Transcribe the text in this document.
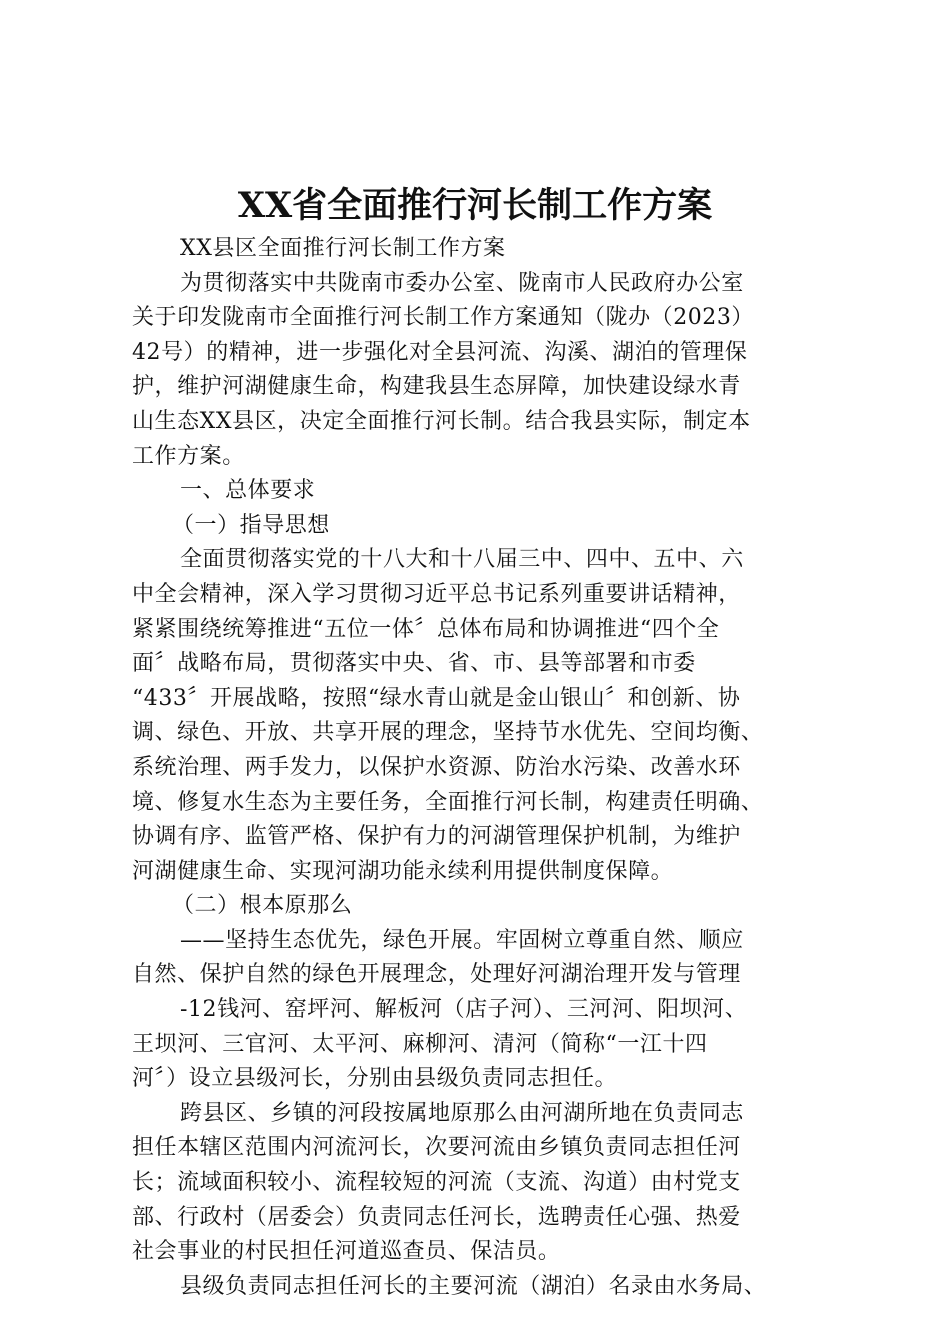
XX省全面推行河长制工作方案
XX县区全面推行河长制工作方案
为贯彻落实中共陇南市委办公室、陇南市人民政府办公室
关于印发陇南市全面推行河长制工作方案通知（陇办（2023）
42号）的精神，进一步强化对全县河流、沟溪、湖泊的管理保
护，维护河湖健康生命，构建我县生态屏障，加快建设绿水青
山生态XX县区，决定全面推行河长制。结合我县实际，制定本
工作方案。
一、总体要求
（一）指导思想
全面贯彻落实党的十八大和十八届三中、四中、五中、六
中全会精神，深入学习贯彻习近平总书记系列重要讲话精神，
紧紧围绕统筹推进“五位一体〞总体布局和协调推进“四个全
面〞战略布局，贯彻落实中央、省、市、县等部署和市委
“433〞开展战略，按照“绿水青山就是金山银山〞和创新、协
调、绿色、开放、共享开展的理念，坚持节水优先、空间均衡、
系统治理、两手发力，以保护水资源、防治水污染、改善水环
境、修复水生态为主要任务，全面推行河长制，构建责任明确、
协调有序、监管严格、保护有力的河湖管理保护机制，为维护
河湖健康生命、实现河湖功能永续利用提供制度保障。
（二）根本原那么
——坚持生态优先，绿色开展。牢固树立尊重自然、顺应
自然、保护自然的绿色开展理念，处理好河湖治理开发与管理
-12钱河、窑坪河、解板河（店子河）、三河河、阳坝河、
王坝河、三官河、太平河、麻柳河、清河（简称“一江十四
河〞）设立县级河长，分别由县级负责同志担任。
跨县区、乡镇的河段按属地原那么由河湖所地在负责同志
担任本辖区范围内河流河长，次要河流由乡镇负责同志担任河
长；流域面积较小、流程较短的河流（支流、沟道）由村党支
部、行政村（居委会）负责同志任河长，选聘责任心强、热爱
社会事业的村民担任河道巡查员、保洁员。
县级负责同志担任河长的主要河流（湖泊）名录由水务局、
